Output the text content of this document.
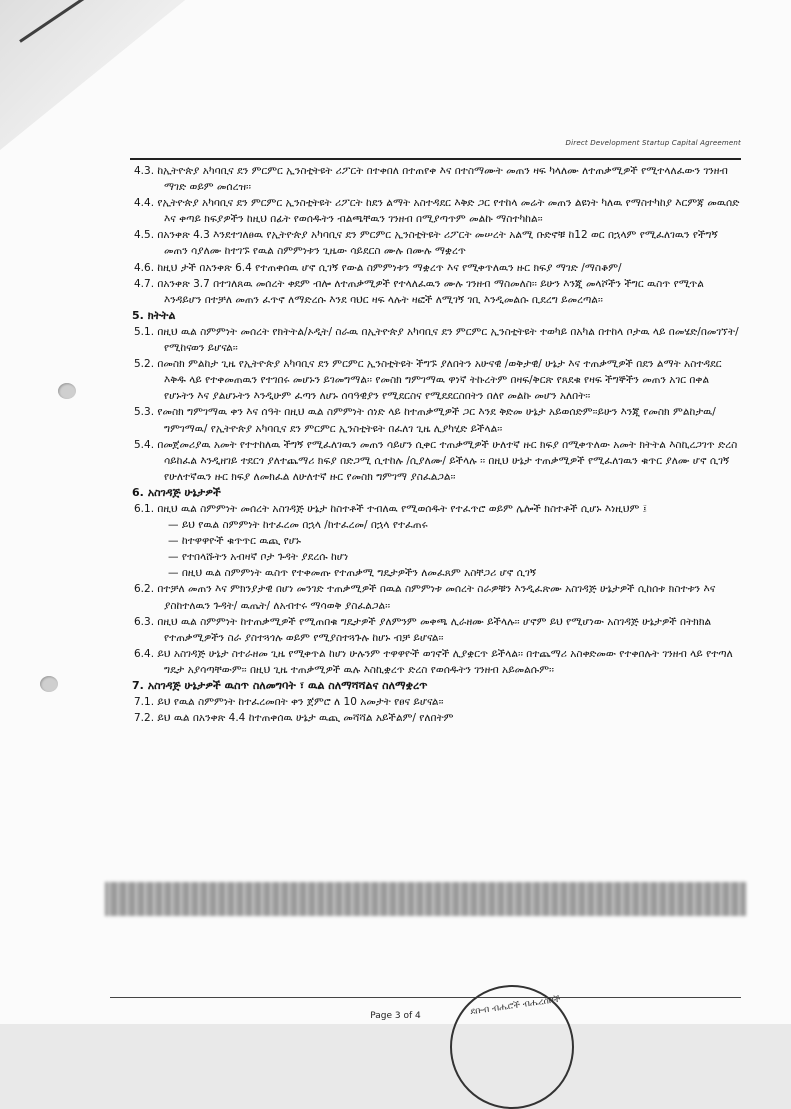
Direct Development Startup Capital Agreement
4.3. ከኢትዮጵያ አካባቢና ደን ምርምር ኢንስቲትዩት ሪፖርት በተቀበለ በተጠየቀ እና በተስማሙት መጠን ዛፍ ካላለሙ ለተጠቃሚዎች የሚተላለፈውን ገንዘብ ማገድ ወይም መሰረዝ፡፡
4.4. የኢትዮጵያ አካባቢና ደን ምርምር ኢንስቲትዩት ሪፖርት ከደን ልማት አስተዳደር እቅድ ጋር የተከላ መሬት መጠን ልዩነት ካለዉ የማስተካከያ እርምጃ መዉሰድ እና ቀጣይ ክፍያዎችን ከዚህ በፊት የወሰዱትን ብልጫቸዉን ገንዘብ በሚያጣጥም መልኩ ማስተካከል፡፡
4.5. በአንቀጽ 4.3 እንደተገለፀዉ የኢትዮጵያ አካባቢና ደን ምርምር ኢንስቲትዩት ሪፖርት መሠረት አልሚ ቡድኖቹ ከ12 ወር በኋላም የሚፈለገዉን የችግኝ መጠን ሳያለሙ ከተገኙ የዉል ስምምነቱን ጊዜው ሳይደርስ ሙሉ በሙሉ ማቋረጥ
4.6. ከዚህ ታች በአንቀጽ 6.4 የተጠቀሰዉ ሆኖ ሲገኝ የውል ስምምነቱን ማቋረጥ እና የሚቀጥለዉን ዙር ክፍያ ማገድ /ማስቆም/
4.7. በአንቀጽ 3.7 በተገለጸዉ መሰረት ቀደም ብሎ ለተጠቃሚዎች የተላለፈዉን ሙሉ ገንዘብ ማስመለስ፡፡ ይሁን እንጂ መላሾችን ችግር ዉስጥ የሚጥል እንዳይሆን በተቻለ መጠን ፈጥኖ ለማድረሱ እንደ ባህር ዛፍ ላሉት ዛፎች ለሚገኝ ገቢ እንዲመልሱ ቢደረግ ይመረጣል፡፡
5. ክትትል
5.1. በዚህ ዉል ስምምነት መሰረት የክትትል/ኦዲት/ ስራዉ በኢትዮጵያ አካባቢና ደን ምርምር ኢንስቲትዩት ተወካይ በአካል በተከላ ቦታዉ ላይ በመሄድ/በመገኘት/ የሚከናወን ይሆናል፡፡
5.2. በመስክ ምልከታ ጊዜ የኢትዮጵያ አካባቢና ደን ምርምር ኢንስቲትዩት ችግኙ ያለበትን አሁናዊ /ወቅታዊ/ ሁኔታ እና ተጠቃሚዎች በደን ልማት አስተዳደር እቅዱ ላይ የተቀመጠዉን የተገበሩ መሆኑን ይገመግማል፡፡ የመስክ ግምገማዉ ዋነኛ ትኩረትም በዛፍ/ቅርጽ የጸደቁ የዛፍ ችግኞችን መጠን አገር በቀል የሆኑትን እና ያልሆኑትን እንዲሁም ፈጣን ለሆኑ ሰባዓዊያን የሚደርስና የሚደደርስበትን በለየ መልኩ መሆን አለበት፡፡
5.3. የመስክ ግምገማዉ ቀን እና ሰዓት በዚህ ዉል ስምምነት ሰነድ ላይ ከተጠቃሚዎች ጋር እንደ ቅድመ ሁኔታ አይወሰድም፡፡ይሁን እንጂ የመስክ ምልከታዉ/ ግምገማዉ/ የኢትዮጵያ አካባቢና ደን ምርምር ኢንስቲትዩት በፈለገ ጊዜ ሊያካሂድ ይችላል፡፡
5.4. በመጀመሪያዉ አመት የተተከለዉ ችግኝ የሚፈለገዉን መጠን ሳይሆን ሲቀር ተጠቃሚዎች ሁለተኛ ዙር ክፍያ በሚቀጥለው አመት ክትትል እስኪረጋገጥ ድረስ ሳይከፈል እንዲዘገይ ተደርጎ ያለተጨማሪ ክፍያ በድጋሚ ሲተከሉ /ሲያለሙ/ ይችላሉ ፡፡ በዚህ ሁኔታ ተጠቃሚዎች የሚፈለገዉን ቁጥር ያለሙ ሆኖ ሲገኝ የሁለተኛዉን ዙር ክፍያ ለመክፈል ለሁለተኛ ዙር የመስክ ግምገማ ያስፈልጋል፡፡
6. አስገዳጅ ሁኔታዎች
6.1. በዚህ ዉል ስምምነት መሰረት አስገዳጅ ሁኔታ ከስተቶች ተብለዉ የሚወሰዱት የተፈጥሮ ወይም ሌሎች ክስተቶች ሲሆኑ እነዚህም ፤
— ይህ የዉል ስምምነት ከተፈረመ በኋላ /ከተፈረመ/ በኋላ የተፈጠሩ
— ከተዋዋዮች ቁጥጥር ዉጪ የሆኑ
— የተበላሹትን አብዛኛ ቦታ ጉዳት ያደረሱ ከሆነ
— በዚህ ዉል ስምምነት ዉስጥ የተቀመጡ የተጠቃሚ ግዴታዎችን ለመፈጸም አስቸጋሪ ሆኖ ሲገኝ
6.2. በተቻለ መጠን እና ምክንያታዊ በሆነ መንገድ ተጠቃሚዎች በዉል ስምምነቱ መሰረት ስራዎቹን እንዲፈጽሙ አስገዳጅ ሁኔታዎች ሲከሰቱ ክስተቱን እና ያስከተለዉን ጉዳት/ ዉጤት/ ለአብተሩ ማሳወቅ ያስፈልጋል፡፡
6.3. በዚህ ዉል ስምምነት ከተጠቃሚዎች የሚጠበቁ ግዴታዎች ያለምንም መቀጫ ሊራዘሙ ይችላሉ፡፡ ሆኖም ይህ የሚሆነው አስገዳጅ ሁኔታዎች በትክክል የተጠቃሚዎችን ስራ ያስተጓጎሉ ወይም የሚያስተጓጉሉ ከሆኑ ብቻ ይሆናል፡፡
6.4. ይህ አስገዳጅ ሁኔታ ስተራዘመ ጊዜ የሚቀጥል ከሆነ ሁሉንም ተዋዋዮች ወገኖች ሊያቋርጥ ይችላል፡፡ በተጨማሪ አስቀድመው የተቀበሉት ገንዘብ ላይ የተጣለ ግዴታ አያሳጣቸውም፡፡ በዚህ ጊዜ ተጠቃሚዎች ዉሉ እስኪቋረጥ ድረስ የወሰዱትን ገንዘብ አይመልሱም፡፡
7. አስገዳጅ ሁኔታዎች ዉስጥ ስለመግባት ፣ ዉል ስለማሻሻልና ስለማቋረጥ
7.1. ይህ የዉል ስምምነት ከተፈረመበት ቀን ጀምሮ ለ 10 አመታት የፀና ይሆናል፡፡
7.2. ይህ ዉል በአንቀጽ 4.4 ከተጠቀሰዉ ሁኔታ ዉጪ መሻሻል አይችልም/ የለበትም
Page 3 of 4	ደቡብ ብሔሮች ብሔረሰቦች
